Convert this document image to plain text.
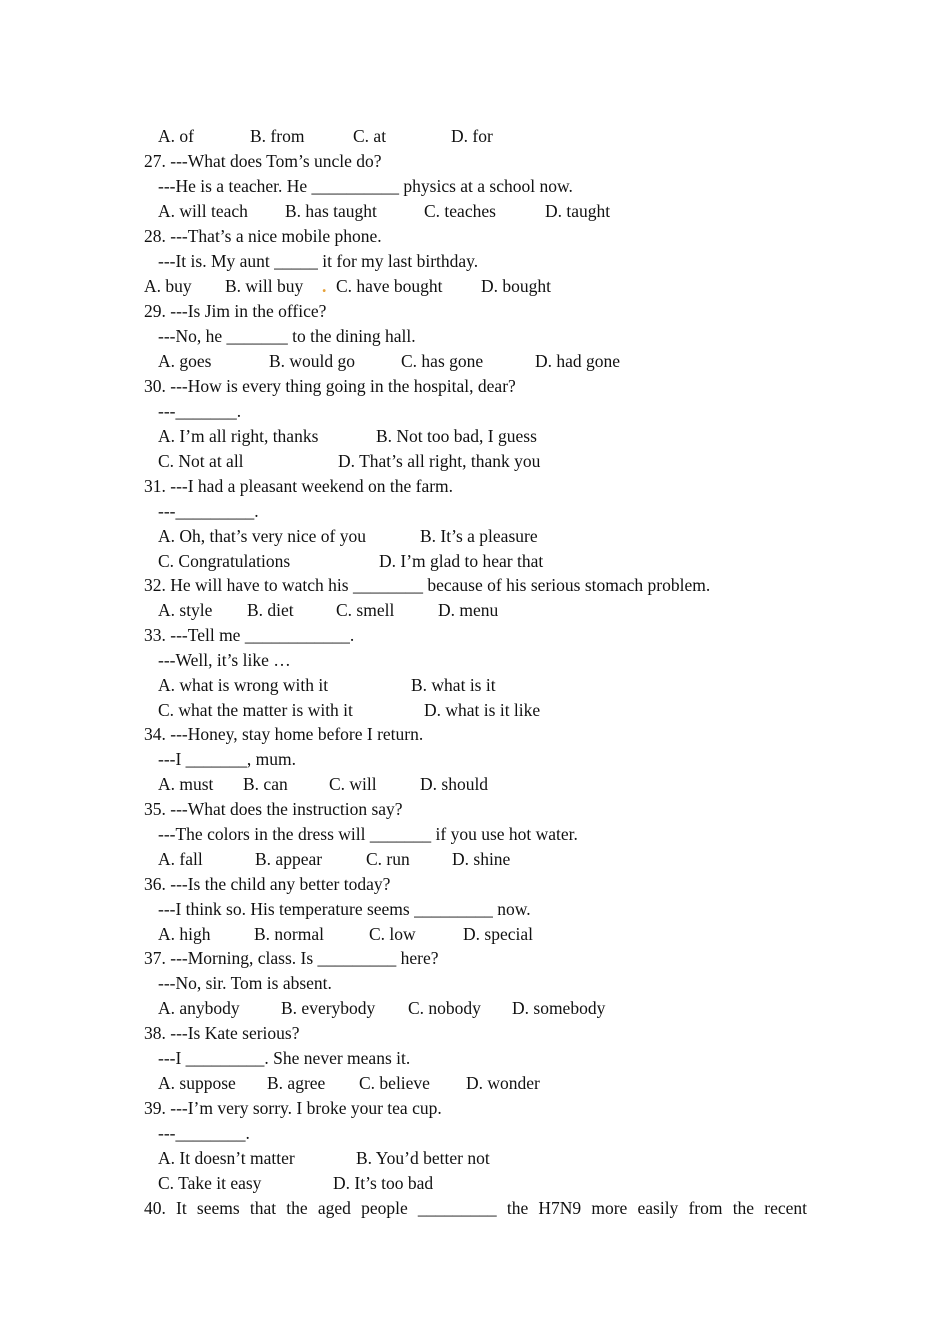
A. of

	B. from

	C. at

	D. for

27. ---What does Tom’s uncle do?
---He is a teacher. He __________ physics at a school now.

A. will teach

B. has taught

	C. teaches

	D. taught

28. ---That’s a nice mobile phone.
---It is. My aunt _____ it for my last birthday.

A. buy

B. will buy

.

C. have bought

D. bought

29. ---Is Jim in the office?
---No, he _______ to the dining hall.

A. goes

	B. would go

	C. has gone

	D. had gone

30. ---How is every thing going in the hospital, dear?
---_______.

A. I’m all right, thanks

	B. Not too bad, I guess

C. Not at all

	D. That’s all right, thank you

31. ---I had a pleasant weekend on the farm.
---_________.

A. Oh, that’s very nice of you

	B. It’s a pleasure

C. Congratulations

	D. I’m glad to hear that

32. He will have to watch his ________ because of his serious stomach problem.

A. style

B. diet

C. smell

D. menu

33. ---Tell me ____________.
---Well, it’s like …

A. what is wrong with it

	B. what is it

C. what the matter is with it

	D. what is it like

34. ---Honey, stay home before I return.
---I _______, mum.

A. must

B. can

C. will

D. should

35. ---What does the instruction say?
---The colors in the dress will _______ if you use hot water.

A. fall

	B. appear

	C. run

D. shine

36. ---Is the child any better today?
---I think so. His temperature seems _________ now.

A. high

B. normal

	C. low

	D. special

37. ---Morning, class. Is _________ here?
---No, sir. Tom is absent.

A. anybody

B. everybody

C. nobody

D. somebody

38. ---Is Kate serious?
---I _________. She never means it.

A. suppose

B. agree

C. believe

D. wonder

39. ---I’m very sorry. I broke your tea cup.
---________.

A. It doesn’t matter

	B. You’d better not

C. Take it easy

	D. It’s too bad

40. It seems that the aged people _________ the H7N9 more easily from the recent
